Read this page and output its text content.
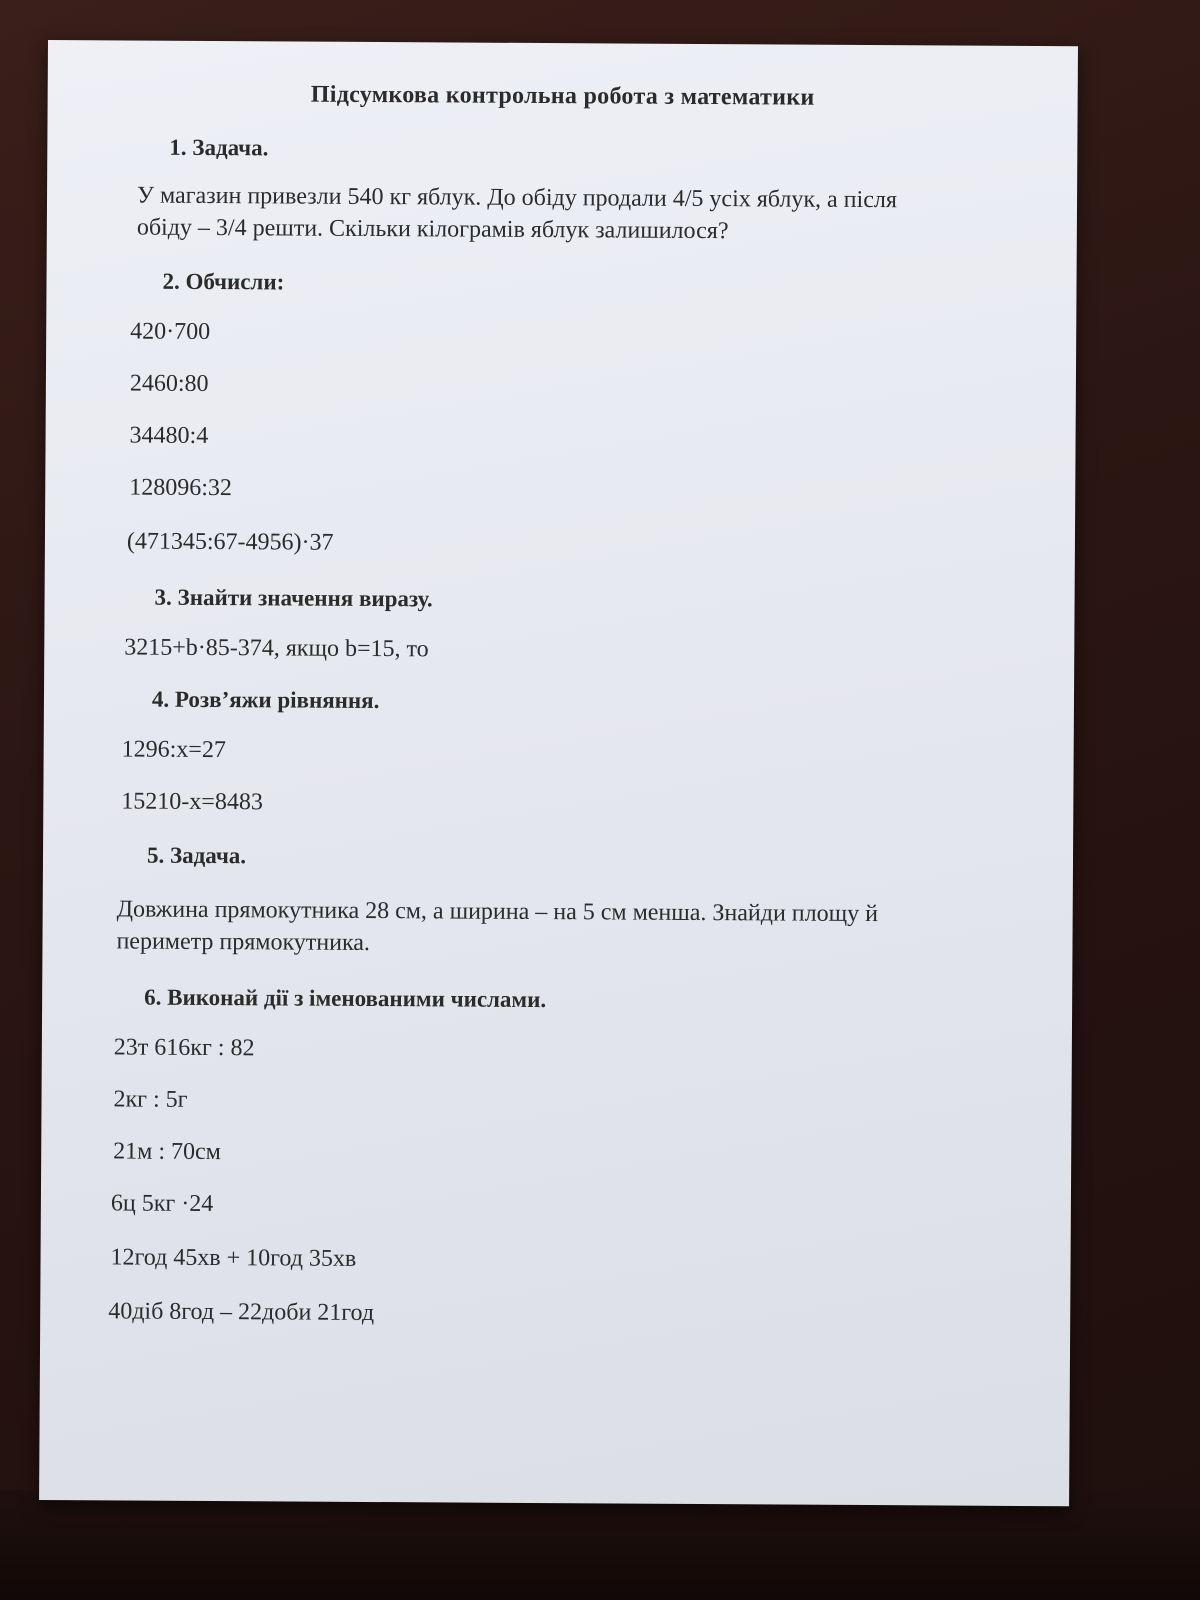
Підсумкова контрольна робота з математики
1. Задача.
У магазин привезли 540 кг яблук. До обіду продали 4/5 усіх яблук, а після
обіду – 3/4 решти. Скільки кілограмів яблук залишилося?
2. Обчисли:
420·700
2460:80
34480:4
128096:32
(471345:67-4956)·37
3. Знайти значення виразу.
3215+b·85-374, якщо b=15, то
4. Розв’яжи рівняння.
1296:х=27
15210-х=8483
5. Задача.
Довжина прямокутника 28 см, а ширина – на 5 см менша. Знайди площу й
периметр прямокутника.
6. Виконай дії з іменованими числами.
23т 616кг : 82
2кг : 5г
21м : 70см
6ц 5кг ·24
12год 45хв + 10год 35хв
40діб 8год – 22доби 21год
